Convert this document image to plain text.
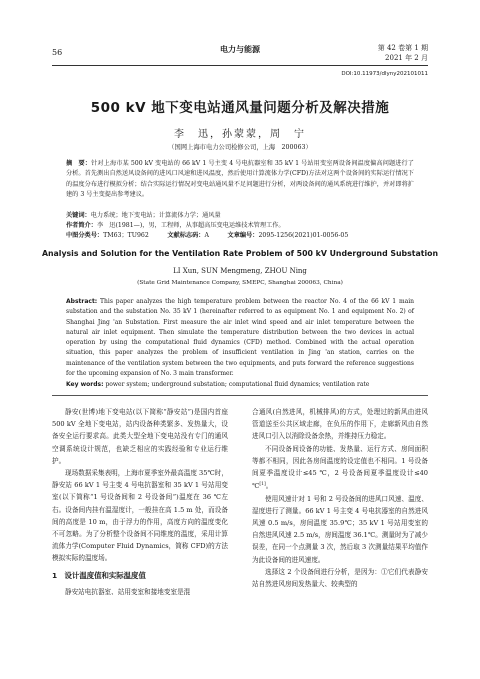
56	电力与能源	第 42 卷第 1 期
2021 年 2 月
DOI:10.11973/dlyny202101011
500 kV 地下变电站通风量问题分析及解决措施
李　迅，孙蒙蒙，周　宁
（国网上海市电力公司检修公司，上海　200063）

摘　要：针对上海市某 500 kV 变电站的 66 kV 1 号主变 4 号电抗器室和 35 kV 1 号站用变室两设备间温度偏高问题进行了分析。首先测出自然送风设备间的进风口风速和进风温度，然后使用计算流体力学(CFD)方法对这两个设备间的实际运行情况下的温度分布进行模拟分析；结合实际运行情况对变电站通风量不足问题进行分析，对两设备间的通风系统进行维护，并对即将扩建的 3 号主变提出参考建议。

关键词：电力系统；地下变电站；计算流体力学；通风量

作者简介：李　迅(1981—)，男，工程师，从事超高压变电运维技术管理工作。

中图分类号：TM63；TU962　　　	文献标志码：A　　　	文章编号：2095-1256(2021)01-0056-05

Analysis and Solution for the Ventilation Rate Problem of 500 kV Underground Substation
LI Xun, SUN Mengmeng, ZHOU Ning
(State Grid Maintenance Company, SMEPC, Shanghai 200063, China)

Abstract: This paper analyzes the high temperature problem between the reactor No. 4 of the 66 kV 1 main substation and the substation No. 35 kV 1 (hereinafter referred to as equipment No. 1 and equipment No. 2) of Shanghai Jing 'an Substation. First measure the air inlet wind speed and air inlet temperature between the natural air inlet equipment. Then simulate the temperature distribution between the two devices in actual operation by using the computational fluid dynamics (CFD) method. Combined with the actual operation situation, this paper analyzes the problem of insufficient ventilation in Jing 'an station, carries on the maintenance of the ventilation system between the two equipments, and puts forward the reference suggestions for the upcoming expansion of No. 3 main transformer.

Key words: power system; underground substation; computational fluid dynamics; ventilation rate

静安(世博)地下变电站(以下简称“静安站”)是国内首座 500 kV 全地下变电站，站内设备种类繁多、发热量大，设备安全运行要求高。此类大型全地下变电站没有专门的通风空调系统设计规范，也缺乏相应的实践经验和专业运行维护。

现场数据采集表明，上海市夏季室外最高温度 35℃时，静安站 66 kV 1 号主变 4 号电抗器室和 35 kV 1 号站用变室(以下简称“1 号设备间和 2 号设备间”)温度在 36 ℃左右。设备间内挂有温湿度计，一般挂在高 1.5 m 处，而设备间的高度是 10 m，由于浮力的作用，高度方向的温度变化不可忽略。为了分析整个设备间不同维度的温度，采用计算流体力学(Computer Fluid Dynamics，简称 CFD)的方法模拟实际的温度场。

1　设计温度值和实际温度值

静安站电抗器室、站用变室和接地变室是混

合通风(自然进风，机械排风)的方式，处理过的新风由进风管道送至公共区域走廊，在负压的作用下，走廊新风由自然进风口引入以消除设备余热，并维持压力稳定。

不同设备间设备的功能、发热量、运行方式、房间面积等都不相同，因此各房间温度的设定值也不相同。1 号设备间夏季温度设计≤45 ℃，2 号设备间夏季温度设计≤40 ℃[1]。

使用风速计对 1 号和 2 号设备间的进风口风速、温度、湿度进行了测量。66 kV 1 号主变 4 号电抗器室的自然进风风速 0.5 m/s，房间温度 35.9℃；35 kV 1 号站用变室的自然进风风速 2.5 m/s，房间温度 36.1℃。测量时为了减少误差，在同一个点测量 3 次，然后取 3 次测量结果平均值作为此设备间的进风速度。

选择这 2 个设备间进行分析，是因为：①它们代表静安站自然进风房间发热量大、较典型的
